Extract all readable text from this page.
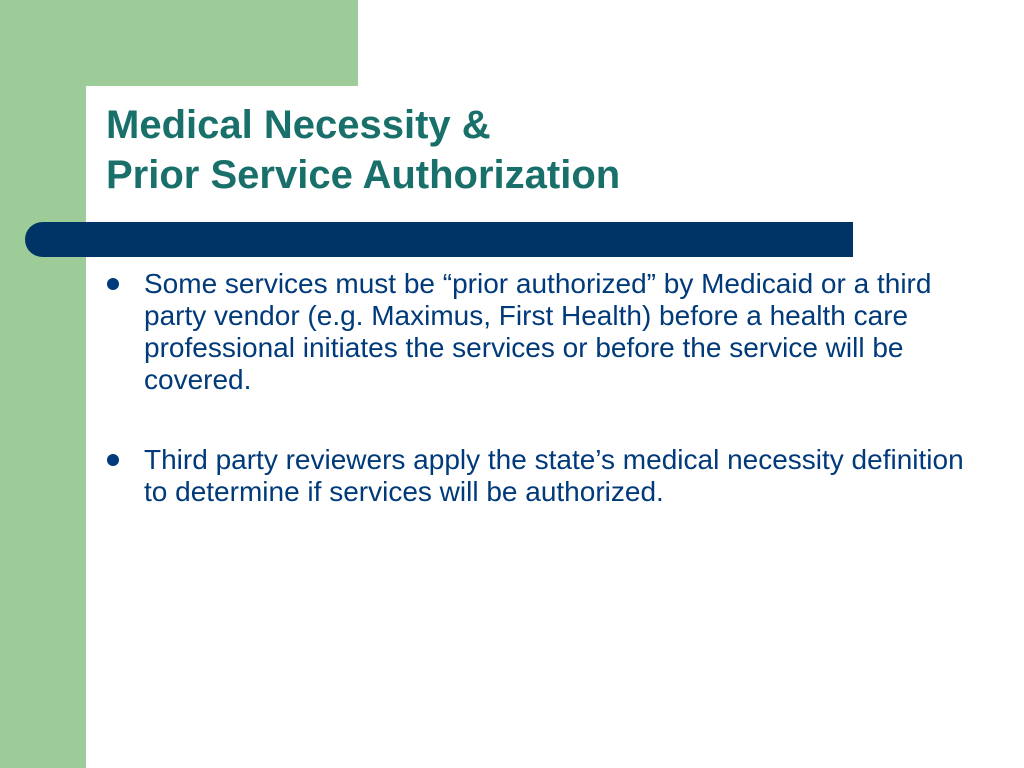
Medical Necessity &
Prior Service Authorization
Some services must be “prior authorized” by Medicaid or a third party vendor (e.g. Maximus, First Health) before a health care professional initiates the services or before the service will be covered.
Third party reviewers apply the state’s medical necessity definition to determine if services will be authorized.
